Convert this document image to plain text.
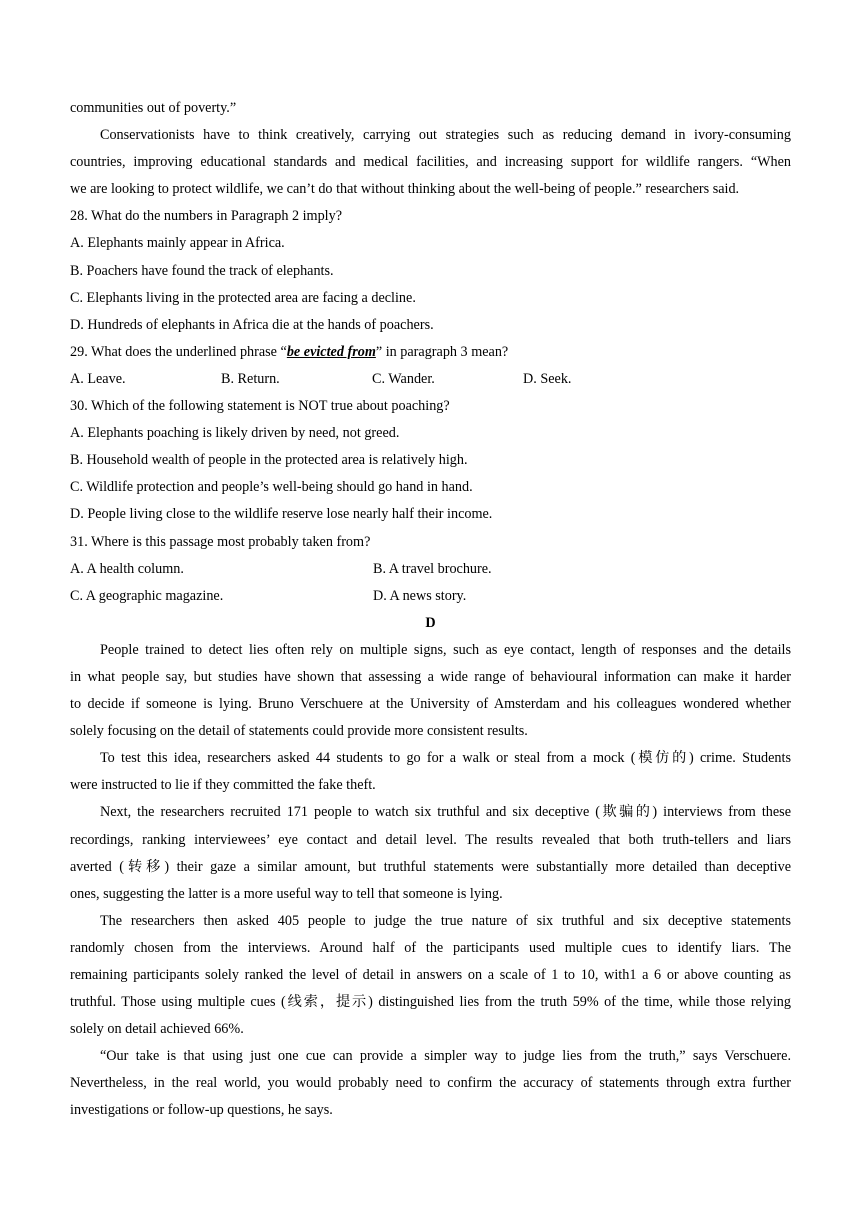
communities out of poverty.”
Conservationists have to think creatively, carrying out strategies such as reducing demand in ivory-consuming
countries, improving educational standards and medical facilities, and increasing support for wildlife rangers. “When
we are looking to protect wildlife, we can’t do that without thinking about the well-being of people.” researchers said.
28. What do the numbers in Paragraph 2 imply?
A. Elephants mainly appear in Africa.
B. Poachers have found the track of elephants.
C. Elephants living in the protected area are facing a decline.
D. Hundreds of elephants in Africa die at the hands of poachers.
29. What does the underlined phrase “be evicted from” in paragraph 3 mean?
A. Leave.	B. Return.	C. Wander.	D. Seek.
30. Which of the following statement is NOT true about poaching?
A. Elephants poaching is likely driven by need, not greed.
B. Household wealth of people in the protected area is relatively high.
C. Wildlife protection and people’s well-being should go hand in hand.
D. People living close to the wildlife reserve lose nearly half their income.
31. Where is this passage most probably taken from?
A. A health column.	B. A travel brochure.
C. A geographic magazine.	D. A news story.
D
People trained to detect lies often rely on multiple signs, such as eye contact, length of responses and the details
in what people say, but studies have shown that assessing a wide range of behavioural information can make it harder
to decide if someone is lying. Bruno Verschuere at the University of Amsterdam and his colleagues wondered whether
solely focusing on the detail of statements could provide more consistent results.
To test this idea, researchers asked 44 students to go for a walk or steal from a mock (模仿的) crime. Students
were instructed to lie if they committed the fake theft.
Next, the researchers recruited 171 people to watch six truthful and six deceptive (欺骗的) interviews from these
recordings, ranking interviewees’ eye contact and detail level. The results revealed that both truth-tellers and liars
averted (转移) their gaze a similar amount, but truthful statements were substantially more detailed than deceptive
ones, suggesting the latter is a more useful way to tell that someone is lying.
The researchers then asked 405 people to judge the true nature of six truthful and six deceptive statements
randomly chosen from the interviews. Around half of the participants used multiple cues to identify liars. The
remaining participants solely ranked the level of detail in answers on a scale of 1 to 10, with1 a 6 or above counting as
truthful. Those using multiple cues (线索，提示) distinguished lies from the truth 59% of the time, while those relying
solely on detail achieved 66%.
“Our take is that using just one cue can provide a simpler way to judge lies from the truth,” says Verschuere.
Nevertheless, in the real world, you would probably need to confirm the accuracy of statements through extra further
investigations or follow-up questions, he says.
